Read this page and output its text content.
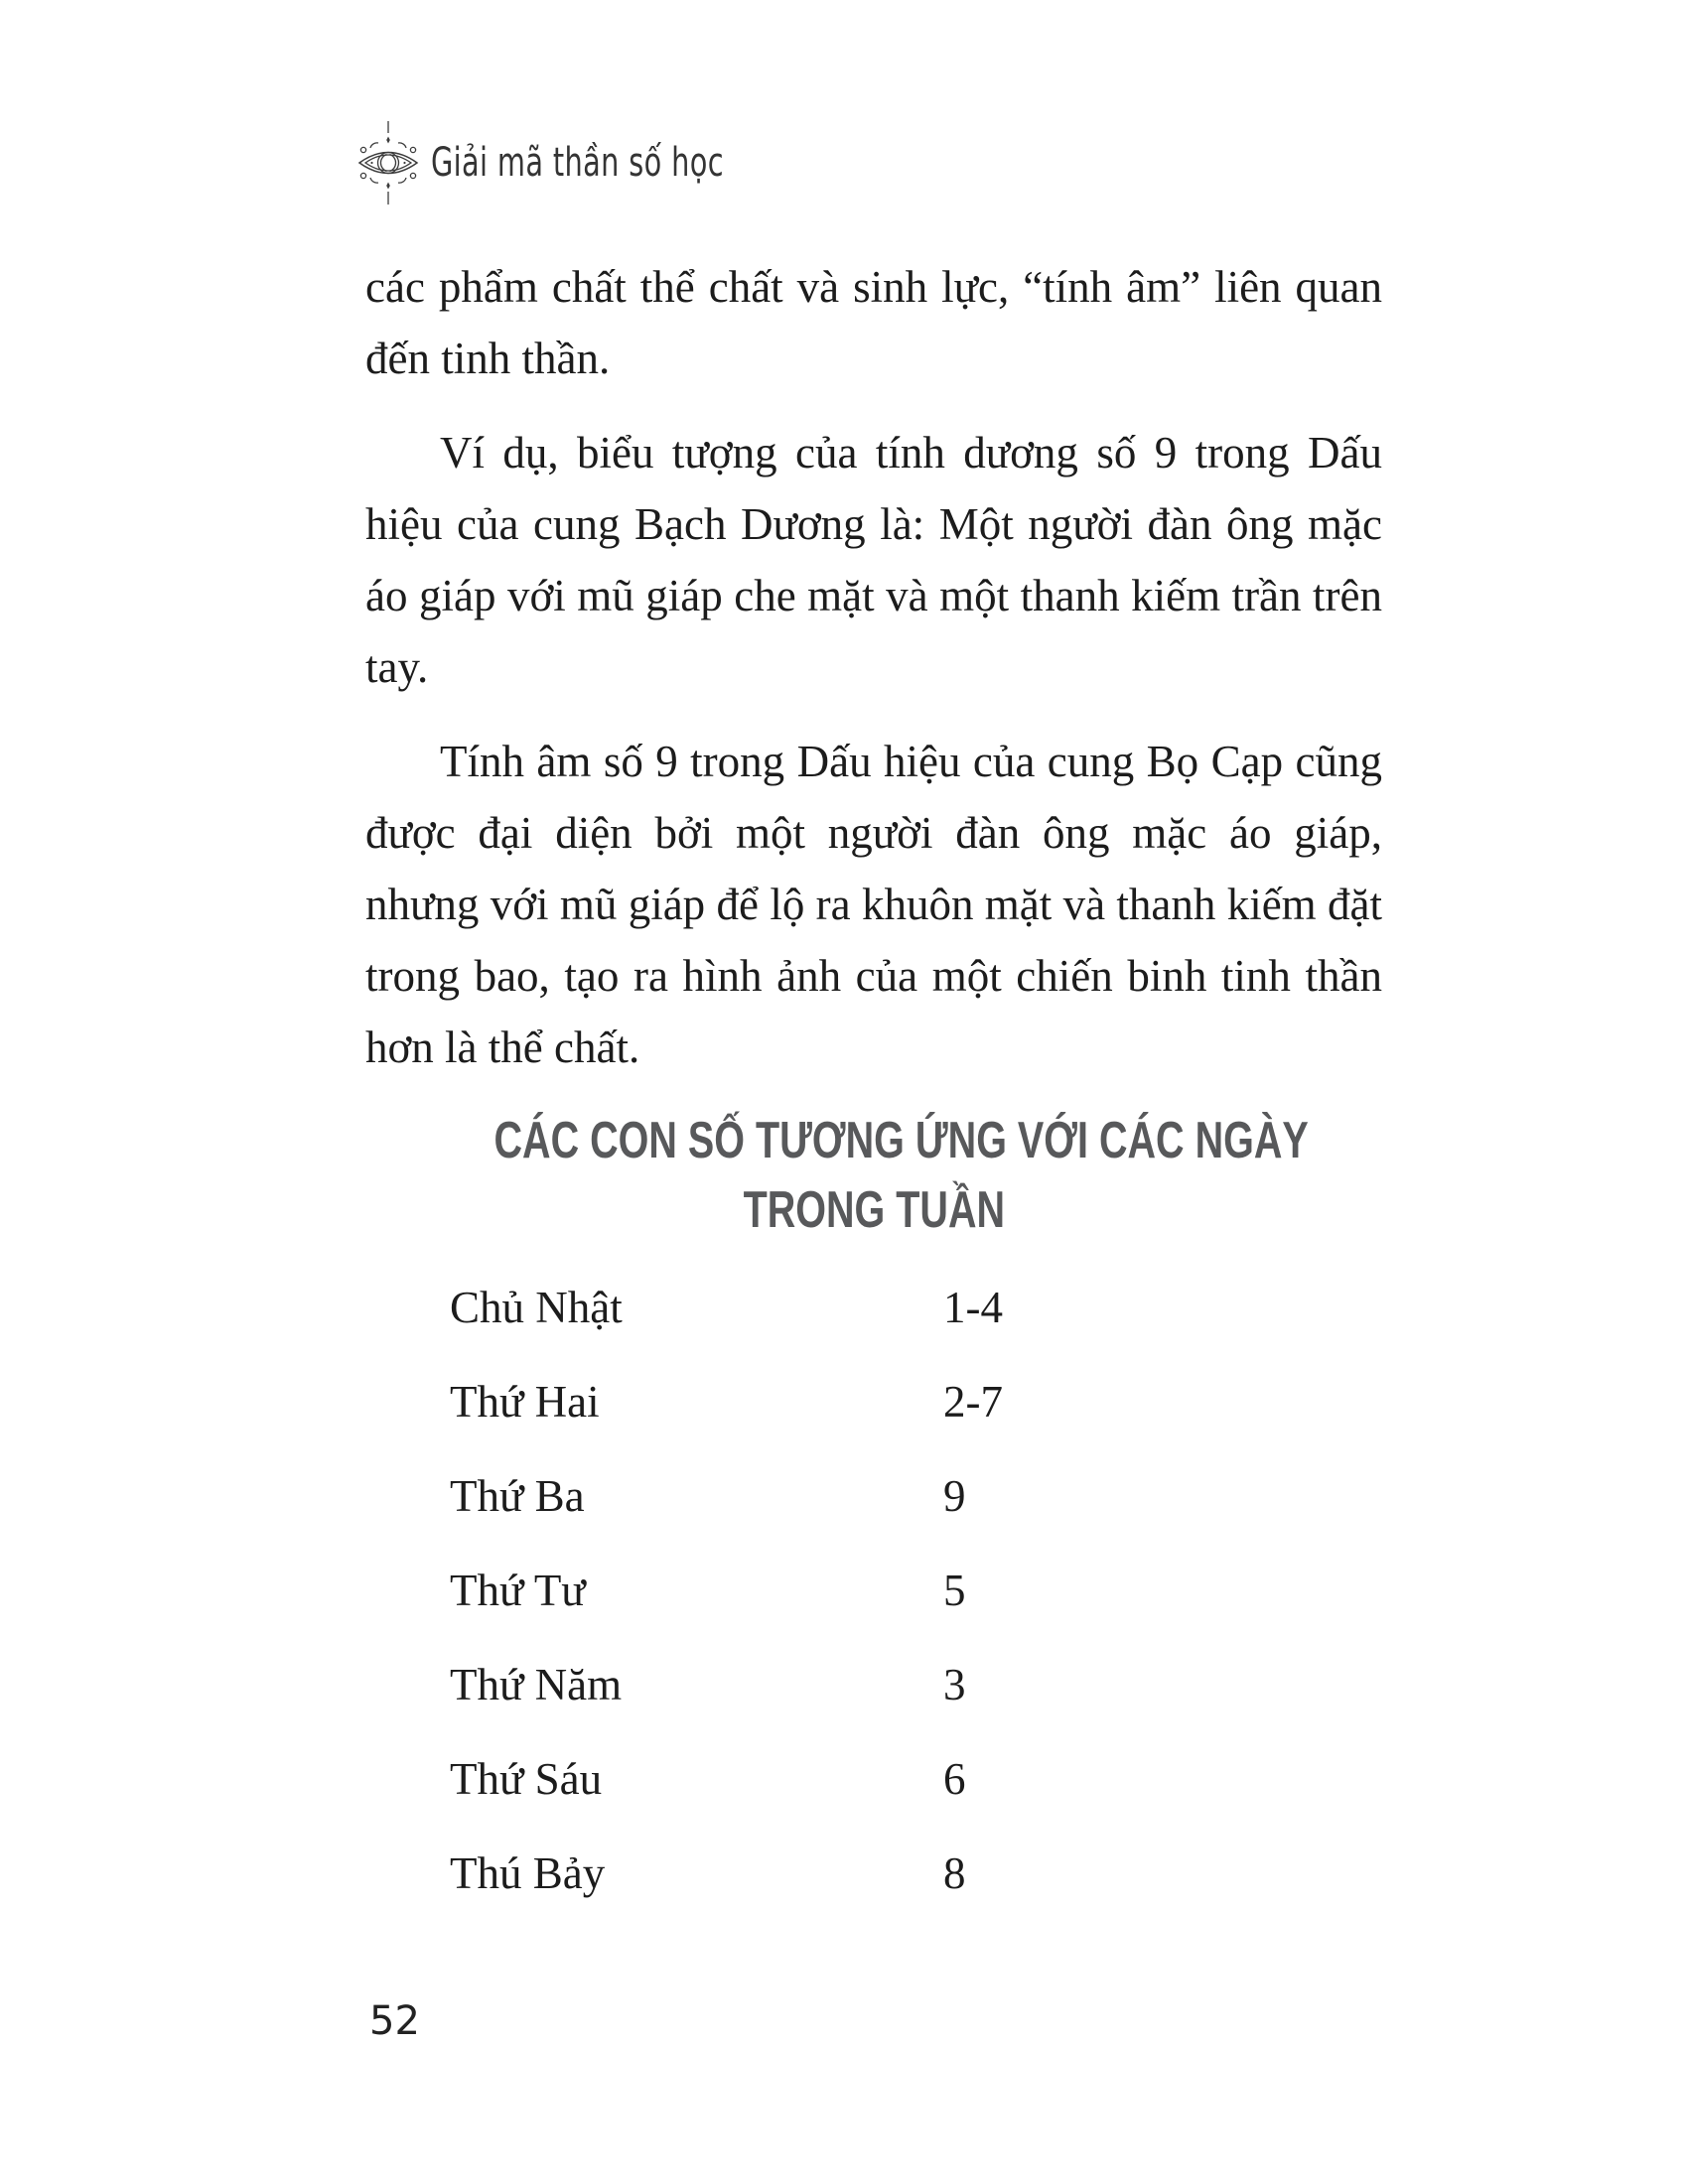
Giải mã thần số học

các phẩm chất thể chất và sinh lực, “tính âm” liên quan đến tinh thần.

Ví dụ, biểu tượng của tính dương số 9 trong Dấu hiệu của cung Bạch Dương là: Một người đàn ông mặc áo giáp với mũ giáp che mặt và một thanh kiếm trần trên tay.

Tính âm số 9 trong Dấu hiệu của cung Bọ Cạp cũng được đại diện bởi một người đàn ông mặc áo giáp, nhưng với mũ giáp để lộ ra khuôn mặt và thanh kiếm đặt trong bao, tạo ra hình ảnh của một chiến binh tinh thần hơn là thể chất.

CÁC CON SỐ TƯƠNG ỨNG VỚI CÁC NGÀY
TRONG TUẦN
Chủ Nhật	1-4
Thứ Hai	2-7
Thứ Ba	9
Thứ Tư	5
Thứ Năm	3
Thứ Sáu	6
Thú Bảy	8
52
